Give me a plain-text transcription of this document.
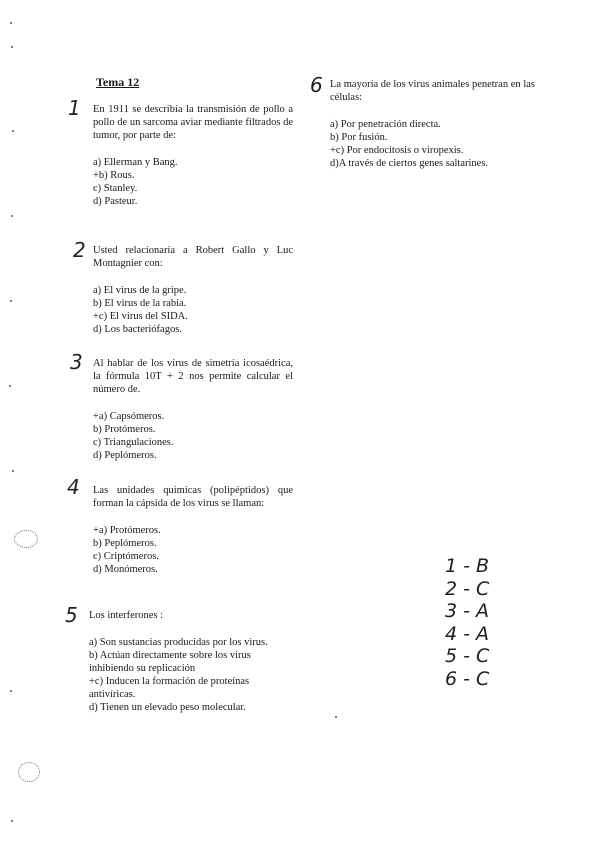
Tema 12
1
2
3
4
5
6
En 1911 se describía la transmisión de pollo a pollo de un sarcoma aviar mediante filtrados de tumor, por parte de:
a) Ellerman y Bang.
+b) Rous.
c) Stanley.
d) Pasteur.
Usted relacionaría a Robert Gallo y Luc Montagnier con:
a) El virus de la gripe.
b) El virus de la rabia.
+c) El virus del SIDA.
d) Los bacteriófagos.
Al hablar de los virus de simetría icosaédrica, la fórmula 10T + 2 nos permite calcular el número de.
+a) Capsómeros.
b) Protómeros.
c) Triangulaciones.
d) Peplómeros.
Las unidades químicas (polipéptidos) que forman la cápsida de los virus se llaman:
+a) Protómeros.
b) Peplómeros.
c) Criptómeros.
d) Monómeros.
Los interferones :
a) Son sustancias producidas por los virus.
b) Actúan directamente sobre los virus inhibiendo su replicación
+c) Inducen la formación de proteínas antivíricas.
d) Tienen un elevado peso molecular.
La mayoría de los virus animales penetran en las células:
a) Por penetración directa.
b) Por fusión.
+c) Por endocitosis o viropexis.
d)A través de ciertos genes saltarines.
1 - B
2 - C
3 - A
4 - A
5 - C
6 - C
